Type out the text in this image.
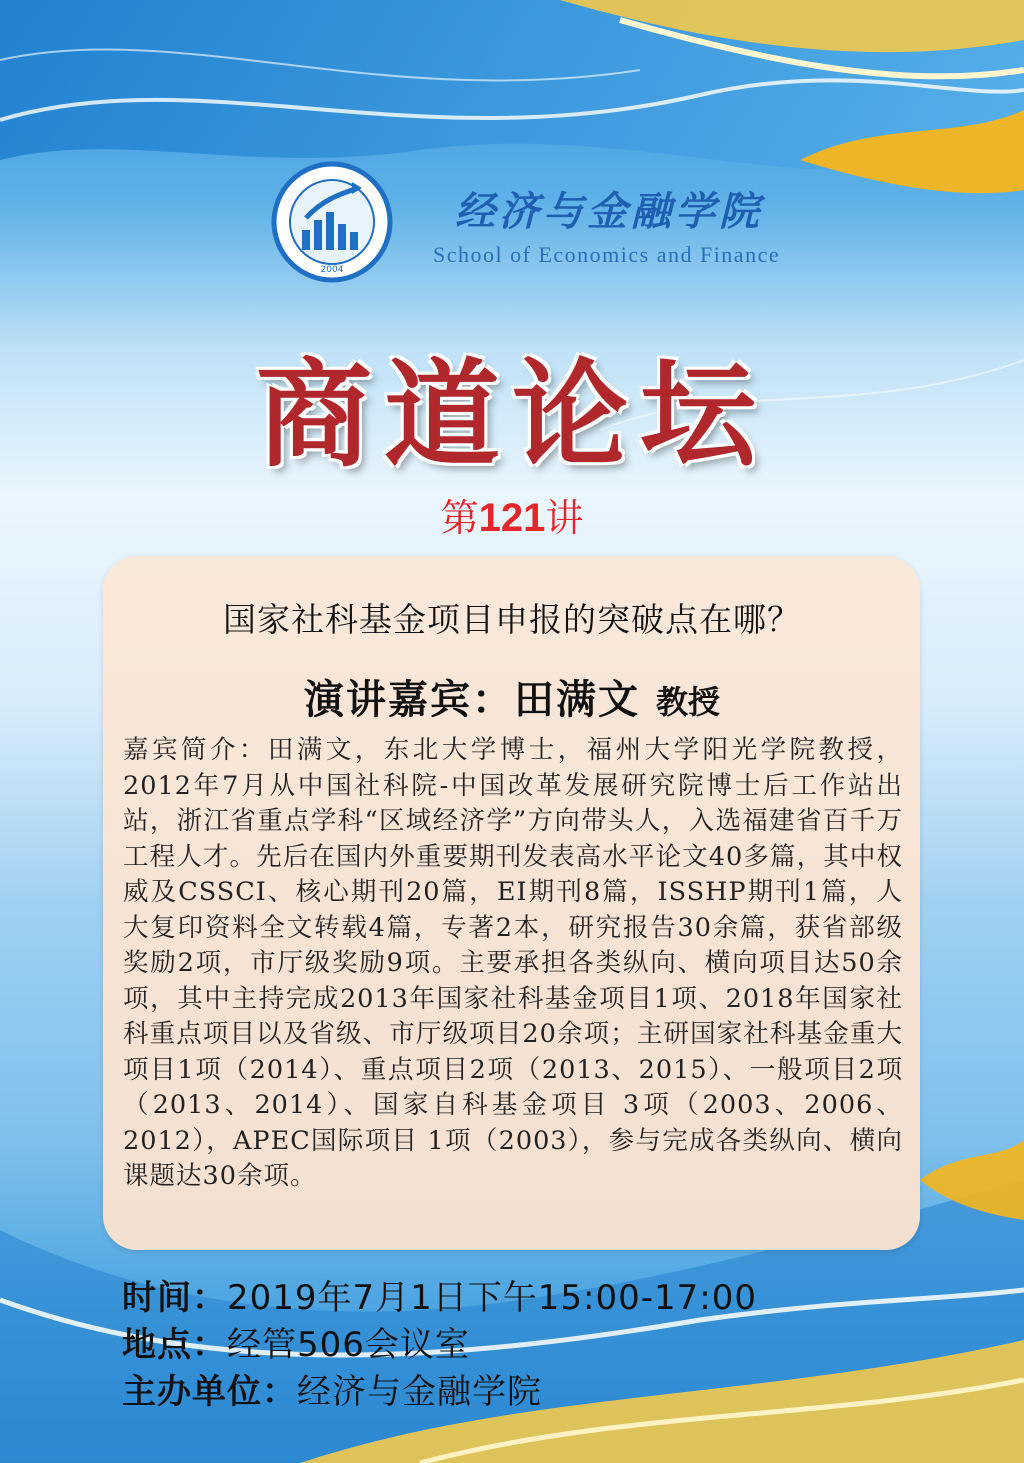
2004
经济与金融学院
School of Economics and Finance
商道论坛
第121讲
国家社科基金项目申报的突破点在哪？
演讲嘉宾：田满文 教授
嘉宾简介：田满文，东北大学博士，福州大学阳光学院教授，2012年7月从中国社科院-中国改革发展研究院博士后工作站出站，浙江省重点学科“区域经济学”方向带头人，入选福建省百千万工程人才。先后在国内外重要期刊发表高水平论文40多篇，其中权威及CSSCI、核心期刊20篇，EI期刊8篇，ISSHP期刊1篇，人大复印资料全文转载4篇，专著2本，研究报告30余篇，获省部级奖励2项，市厅级奖励9项。主要承担各类纵向、横向项目达50余项，其中主持完成2013年国家社科基金项目1项、2018年国家社科重点项目以及省级、市厅级项目20余项；主研国家社科基金重大项目1项（2014）、重点项目2项（2013、2015）、一般项目2项（2013、2014）、国家自科基金项目 3项（2003、2006、2012），APEC国际项目 1项（2003），参与完成各类纵向、横向课题达30余项。
时间：2019年7月1日下午15:00-17:00
地点：经管506会议室
主办单位：经济与金融学院
